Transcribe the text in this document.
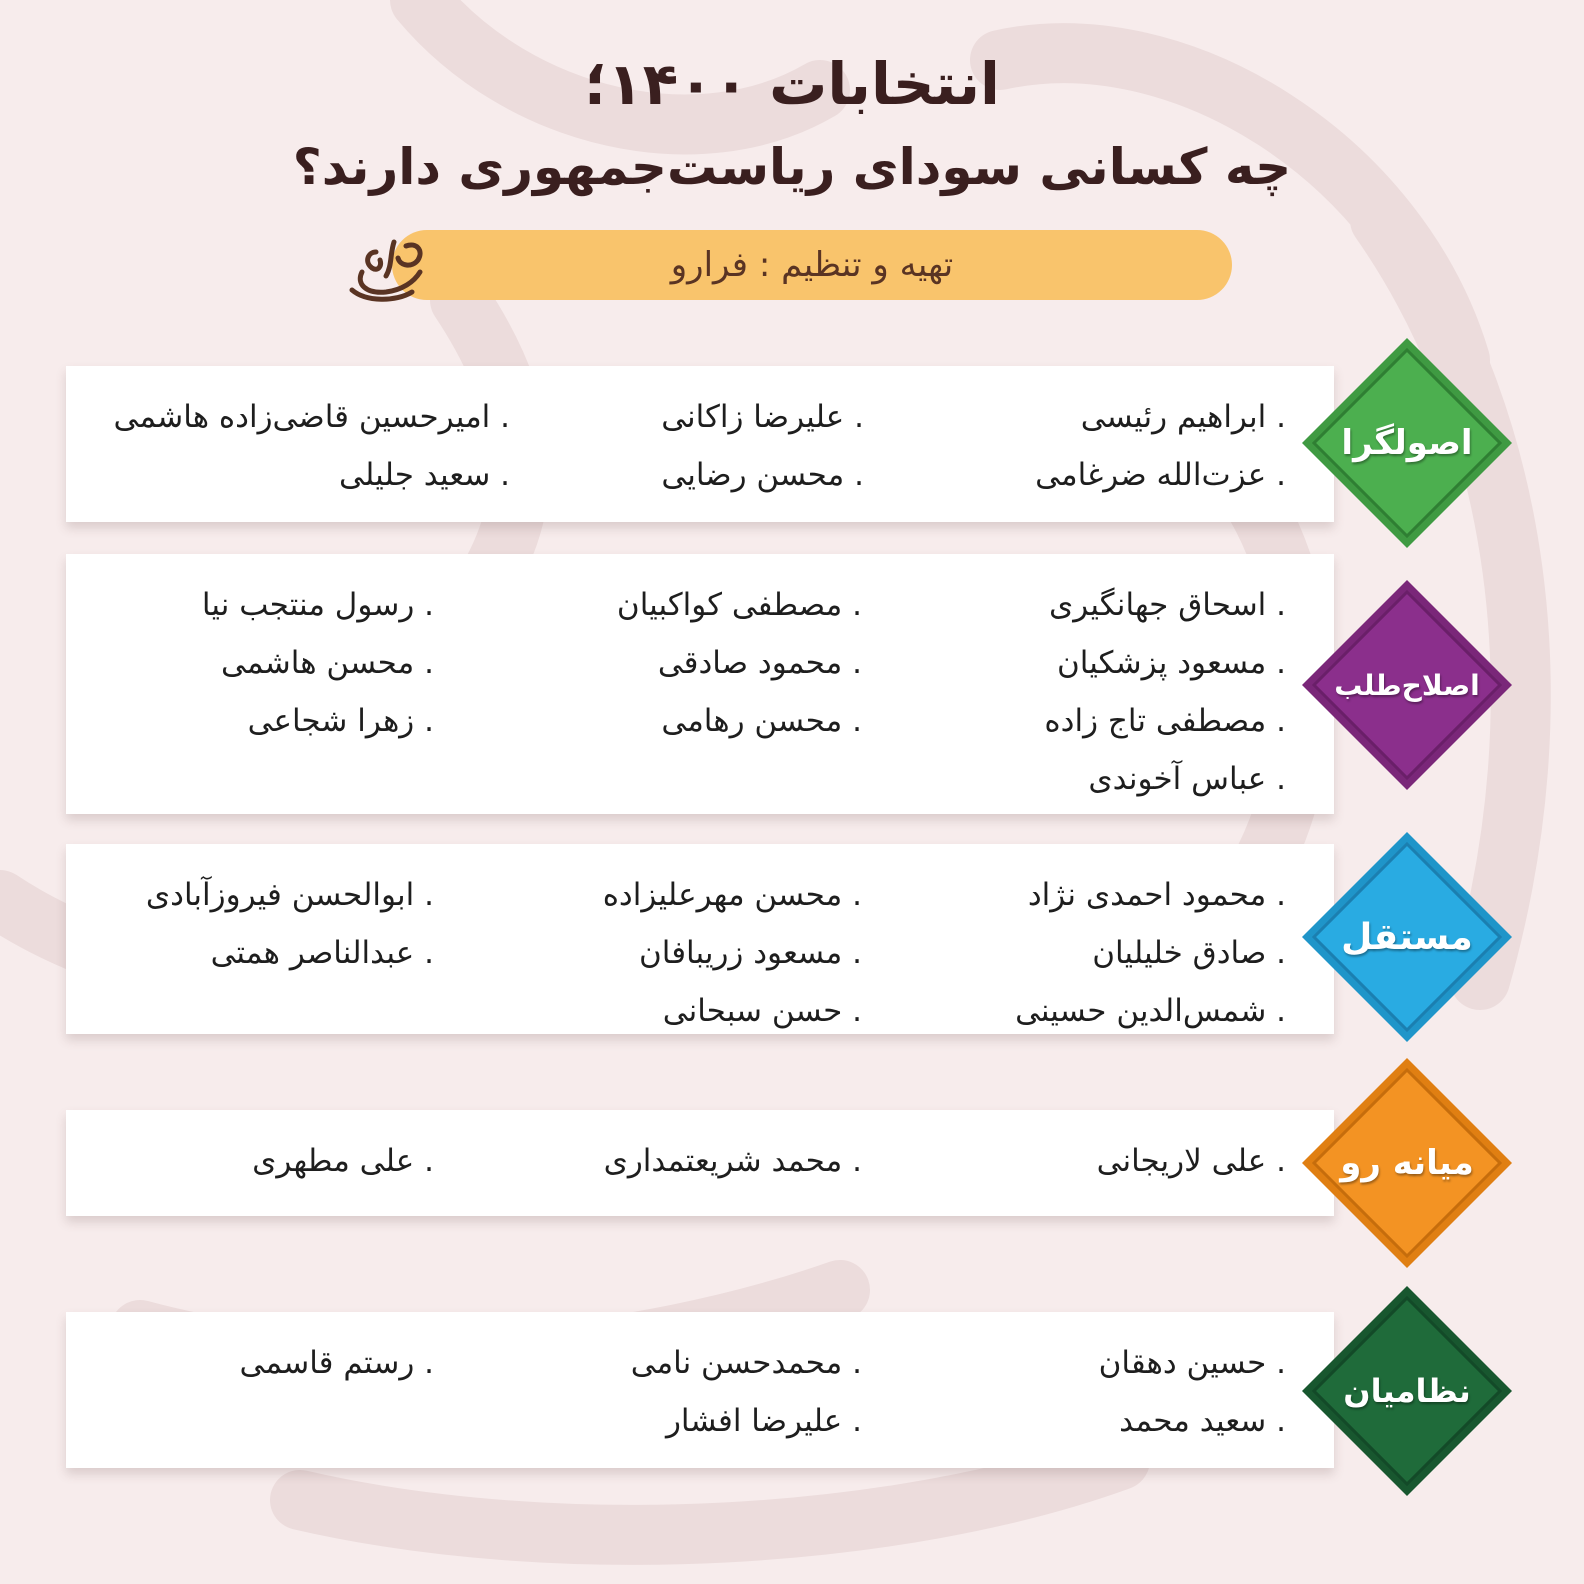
انتخابات ۱۴۰۰؛
چه کسانی سودای ریاست‌جمهوری دارند؟
تهیه و تنظیم : فرارو
. ابراهیم رئیسی
. عزت‌الله ضرغامی
. علیرضا زاکانی
. محسن رضایی
. امیرحسین قاضی‌زاده هاشمی
. سعید جلیلی
اصولگرا
. اسحاق جهانگیری
. مسعود پزشکیان
. مصطفی تاج زاده
. عباس آخوندی
. مصطفی کواکبیان
. محمود صادقی
. محسن رهامی
. رسول منتجب نیا
. محسن هاشمی
. زهرا شجاعی
اصلاح‌طلب
. محمود احمدی نژاد
. صادق خلیلیان
. شمس‌الدین حسینی
. محسن مهرعلیزاده
. مسعود زریبافان
. حسن سبحانی
. ابوالحسن فیروزآبادی
. عبدالناصر همتی	مستقل
. علی لاریجانی
. محمد شریعتمداری
. علی مطهری	میانه رو
. حسین دهقان
. سعید محمد
. محمدحسن نامی
. علیرضا افشار
. رستم قاسمی
نظامیان
